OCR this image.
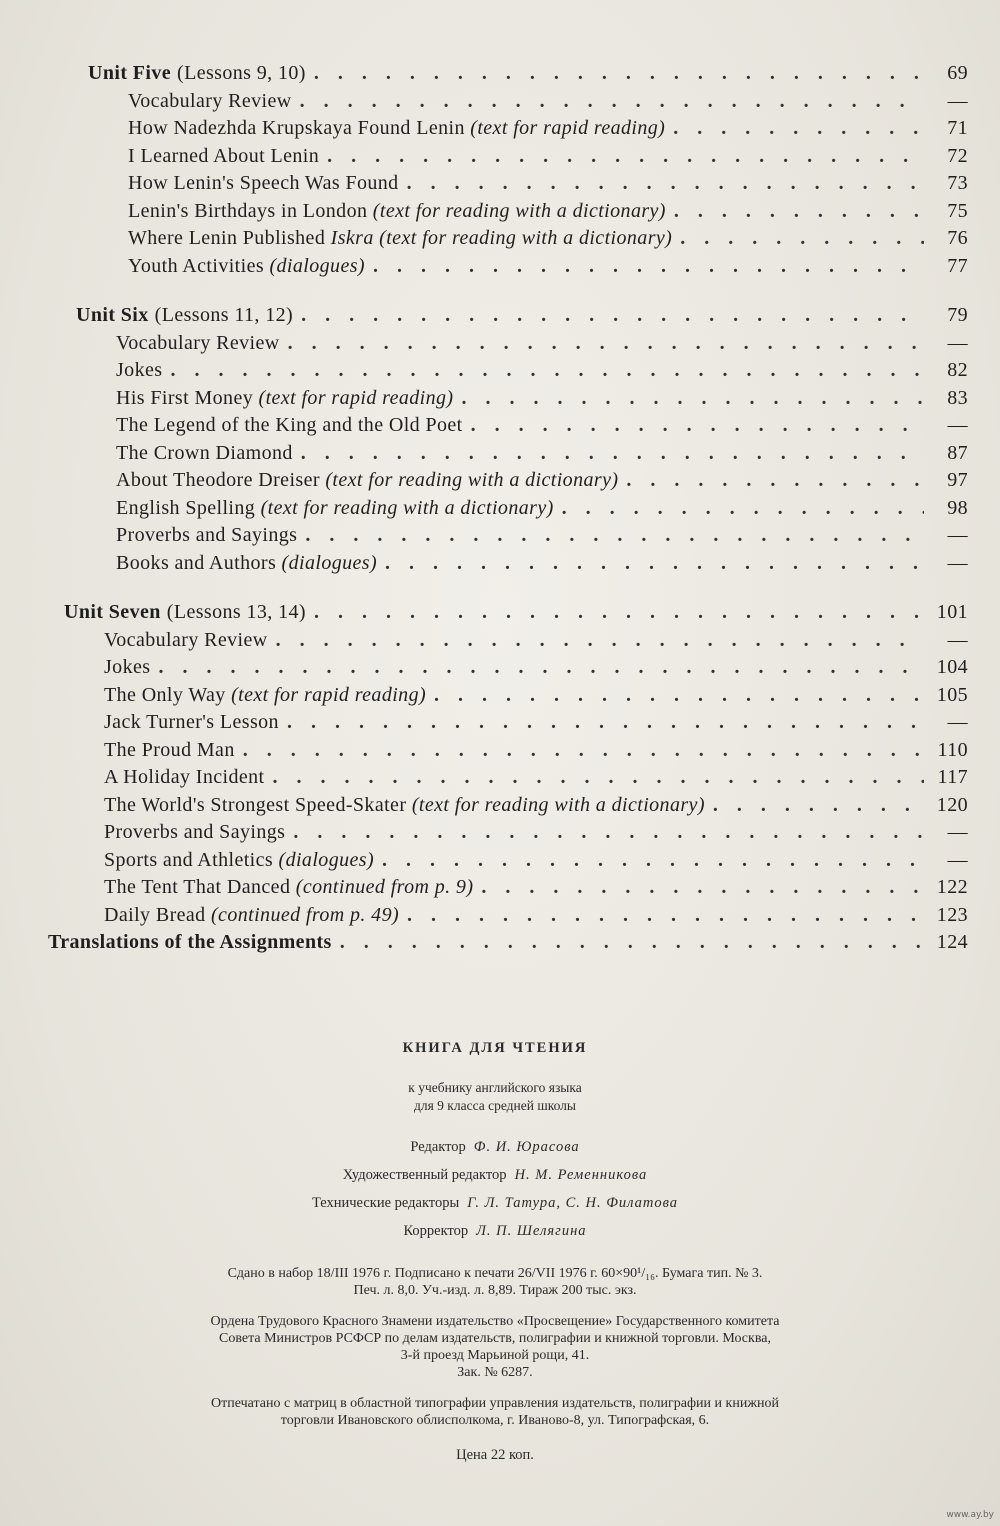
Unit Five (Lessons 9, 10) . . .	69
Vocabulary Review . . .	—
How Nadezhda Krupskaya Found Lenin (text for rapid reading) . . .	71
I Learned About Lenin . . .	72
How Lenin's Speech Was Found . . .	73
Lenin's Birthdays in London (text for reading with a dictionary) . . .	75
Where Lenin Published Iskra (text for reading with a dictionary) . . .	76
Youth Activities (dialogues) . . .	77
Unit Six (Lessons 11, 12) . . .	79
Vocabulary Review . . .	—
Jokes . . .	82
His First Money (text for rapid reading) . . .	83
The Legend of the King and the Old Poet . . .	—
The Crown Diamond . . .	87
About Theodore Dreiser (text for reading with a dictionary) . . .	97
English Spelling (text for reading with a dictionary) . . .	98
Proverbs and Sayings . . .	—
Books and Authors (dialogues) . . .	—
Unit Seven (Lessons 13, 14) . . .	101
Vocabulary Review . . .	—
Jokes . . .	104
The Only Way (text for rapid reading) . . .	105
Jack Turner's Lesson . . .	—
The Proud Man . . .	110
A Holiday Incident . . .	117
The World's Strongest Speed-Skater (text for reading with a dictionary) . . .	120
Proverbs and Sayings . . .	—
Sports and Athletics (dialogues) . . .	—
The Tent That Danced (continued from p. 9) . . .	122
Daily Bread (continued from p. 49) . . .	123
Translations of the Assignments . . .	124
КНИГА ДЛЯ ЧТЕНИЯ
к учебнику английского языка
для 9 класса средней школы
Редактор Ф. И. Юрасова
Художественный редактор Н. М. Ременникова
Технические редакторы Г. Л. Татура, С. Н. Филатова
Корректор Л. П. Шелягина

Сдано в набор 18/III 1976 г. Подписано к печати 26/VII 1976 г. 60×90¹/₁₆. Бумага тип. № 3.

Печ. л. 8,0. Уч.-изд. л. 8,89. Тираж 200 тыс. экз.

Ордена Трудового Красного Знамени издательство «Просвещение» Государственного комитета

Совета Министров РСФСР по делам издательств, полиграфии и книжной торговли. Москва,

3-й проезд Марьиной рощи, 41.

Зак. № 6287.

Отпечатано с матриц в областной типографии управления издательств, полиграфии и книжной

торговли Ивановского облисполкома, г. Иваново-8, ул. Типографская, 6.

Цена 22 коп.
www.ay.by
